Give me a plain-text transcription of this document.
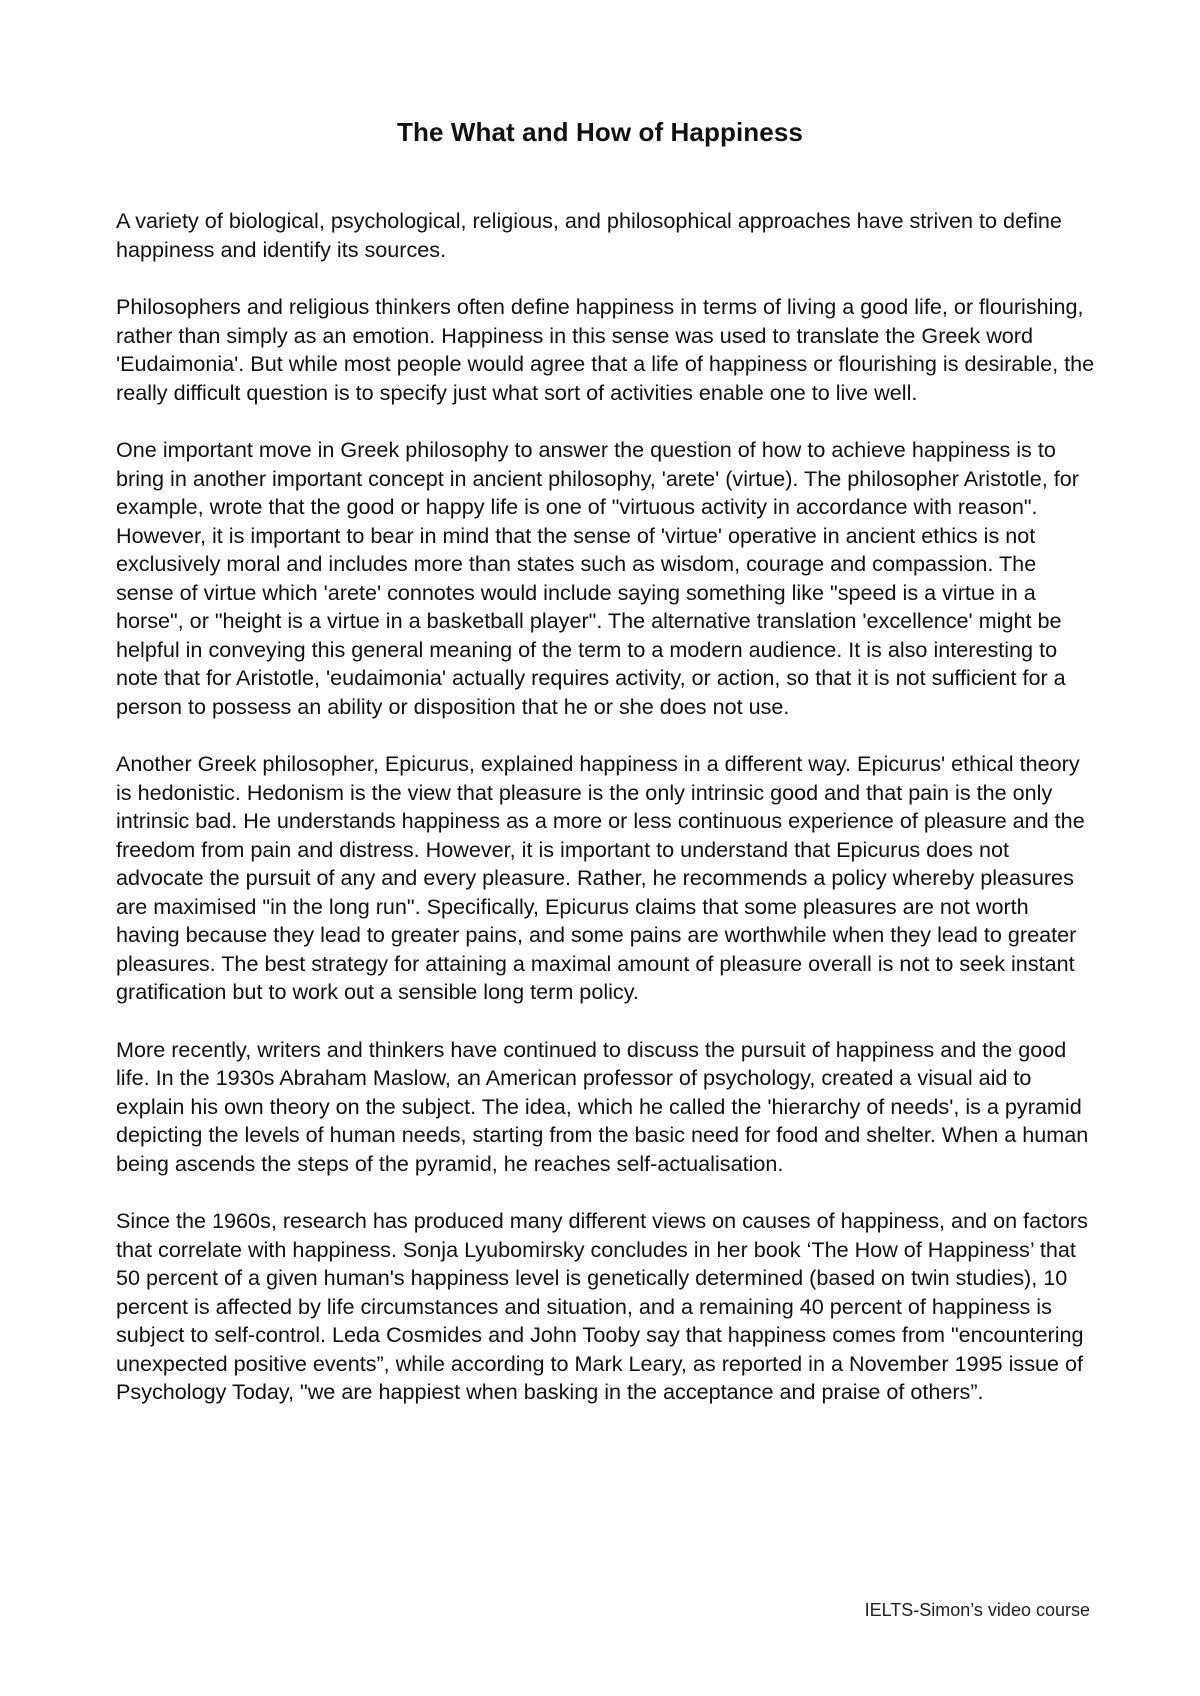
The What and How of Happiness

A variety of biological, psychological, religious, and philosophical approaches have striven to define happiness and identify its sources.

Philosophers and religious thinkers often define happiness in terms of living a good life, or flourishing, rather than simply as an emotion. Happiness in this sense was used to translate the Greek word 'Eudaimonia'. But while most people would agree that a life of happiness or flourishing is desirable, the really difficult question is to specify just what sort of activities enable one to live well.

One important move in Greek philosophy to answer the question of how to achieve happiness is to bring in another important concept in ancient philosophy, 'arete' (virtue). The philosopher Aristotle, for example, wrote that the good or happy life is one of "virtuous activity in accordance with reason". However, it is important to bear in mind that the sense of 'virtue' operative in ancient ethics is not exclusively moral and includes more than states such as wisdom, courage and compassion. The sense of virtue which 'arete' connotes would include saying something like "speed is a virtue in a horse", or "height is a virtue in a basketball player". The alternative translation 'excellence' might be helpful in conveying this general meaning of the term to a modern audience. It is also interesting to note that for Aristotle, 'eudaimonia' actually requires activity, or action, so that it is not sufficient for a person to possess an ability or disposition that he or she does not use.

Another Greek philosopher, Epicurus, explained happiness in a different way. Epicurus' ethical theory is hedonistic. Hedonism is the view that pleasure is the only intrinsic good and that pain is the only intrinsic bad. He understands happiness as a more or less continuous experience of pleasure and the freedom from pain and distress. However, it is important to understand that Epicurus does not advocate the pursuit of any and every pleasure. Rather, he recommends a policy whereby pleasures are maximised "in the long run". Specifically, Epicurus claims that some pleasures are not worth having because they lead to greater pains, and some pains are worthwhile when they lead to greater pleasures. The best strategy for attaining a maximal amount of pleasure overall is not to seek instant gratification but to work out a sensible long term policy.

More recently, writers and thinkers have continued to discuss the pursuit of happiness and the good life. In the 1930s Abraham Maslow, an American professor of psychology, created a visual aid to explain his own theory on the subject. The idea, which he called the 'hierarchy of needs', is a pyramid depicting the levels of human needs, starting from the basic need for food and shelter. When a human being ascends the steps of the pyramid, he reaches self-actualisation.

Since the 1960s, research has produced many different views on causes of happiness, and on factors that correlate with happiness. Sonja Lyubomirsky concludes in her book ‘The How of Happiness’ that 50 percent of a given human's happiness level is genetically determined (based on twin studies), 10 percent is affected by life circumstances and situation, and a remaining 40 percent of happiness is subject to self-control. Leda Cosmides and John Tooby say that happiness comes from "encountering unexpected positive events”, while according to Mark Leary, as reported in a November 1995 issue of Psychology Today, "we are happiest when basking in the acceptance and praise of others”.

IELTS-Simon’s video course
